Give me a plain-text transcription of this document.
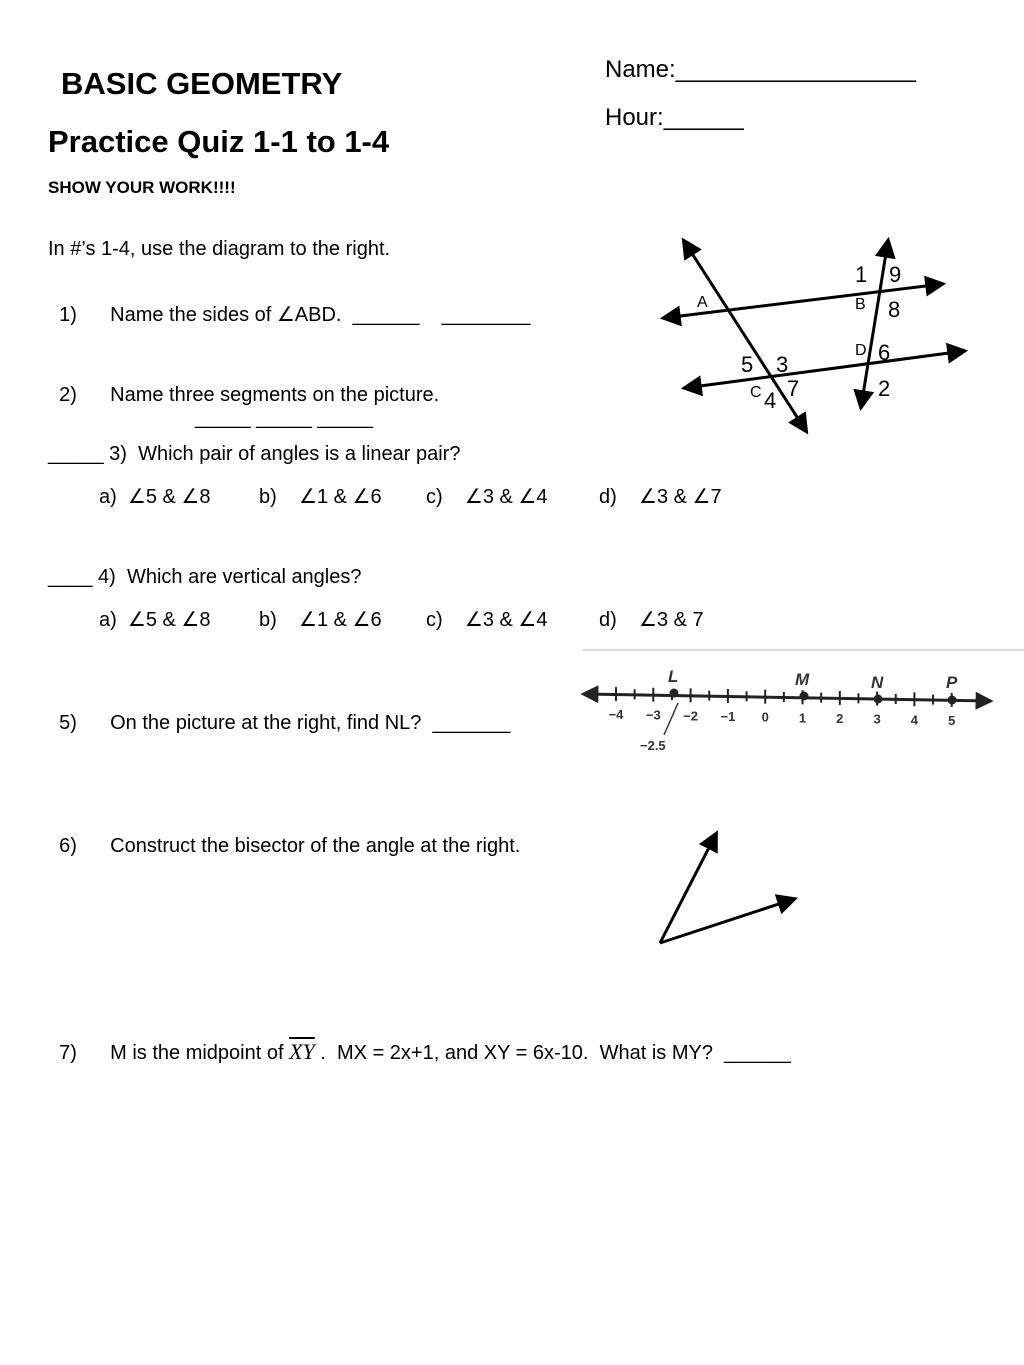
BASIC GEOMETRY
Practice Quiz 1-1 to 1-4
SHOW YOUR WORK!!!!
Name:__________________
Hour:______
In #’s 1-4, use the diagram to the right.

1) Name the sides of ∠ABD.  ______    ________

2) Name three segments on the picture.

_____ _____ _____
_____ 3)  Which pair of angles is a linear pair?
a)  ∠5 & ∠8 b)    ∠1 & ∠6 c)    ∠3 & ∠4	d)    ∠3 & ∠7
____ 4)  Which are vertical angles?
a)  ∠5 & ∠8 b)    ∠1 & ∠6 c)    ∠3 & ∠4	d)    ∠3 & 7

5) On the picture at the right, find NL?  _______

6) Construct the bisector of the angle at the right.

7) M is the midpoint of $\overline{XY}$ .  MX = 2x+1, and XY = 6x-10.  What is MY?  ______

A	B
C
D
1 9
8
6
2
5 3
4 7
−4 −3 −2 −1 0 1 2 3 4 5
L	M	N	P
−2.5
